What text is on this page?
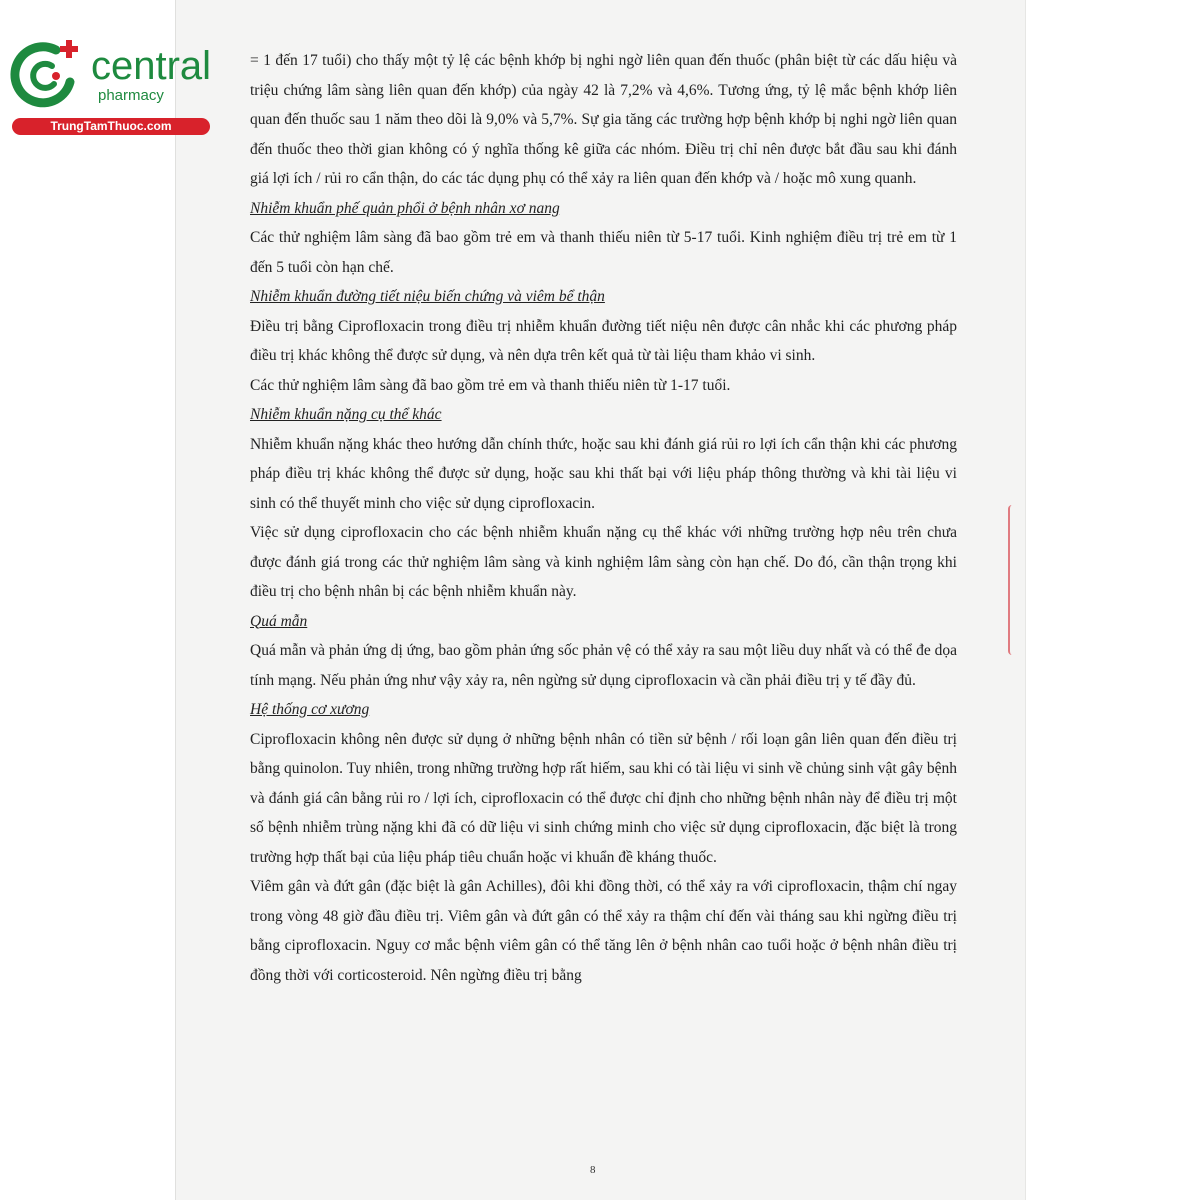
central
pharmacy
TrungTamThuoc.com

= 1 đến 17 tuổi) cho thấy một tỷ lệ các bệnh khớp bị nghi ngờ liên quan đến thuốc (phân biệt từ các dấu hiệu và triệu chứng lâm sàng liên quan đến khớp) của ngày 42 là 7,2% và 4,6%. Tương ứng, tỷ lệ mắc bệnh khớp liên quan đến thuốc sau 1 năm theo dõi là 9,0% và 5,7%. Sự gia tăng các trường hợp bệnh khớp bị nghi ngờ liên quan đến thuốc theo thời gian không có ý nghĩa thống kê giữa các nhóm. Điều trị chỉ nên được bắt đầu sau khi đánh giá lợi ích / rủi ro cẩn thận, do các tác dụng phụ có thể xảy ra liên quan đến khớp và / hoặc mô xung quanh.

Nhiễm khuẩn phế quản phổi ở bệnh nhân xơ nang

Các thử nghiệm lâm sàng đã bao gồm trẻ em và thanh thiếu niên từ 5-17 tuổi. Kinh nghiệm điều trị trẻ em từ 1 đến 5 tuổi còn hạn chế.

Nhiễm khuẩn đường tiết niệu biến chứng và viêm bể thận

Điều trị bằng Ciprofloxacin trong điều trị nhiễm khuẩn đường tiết niệu nên được cân nhắc khi các phương pháp điều trị khác không thể được sử dụng, và nên dựa trên kết quả từ tài liệu tham khảo vi sinh.

Các thử nghiệm lâm sàng đã bao gồm trẻ em và thanh thiếu niên từ 1-17 tuổi.

Nhiễm khuẩn nặng cụ thể khác

Nhiễm khuẩn nặng khác theo hướng dẫn chính thức, hoặc sau khi đánh giá rủi ro lợi ích cẩn thận khi các phương pháp điều trị khác không thể được sử dụng, hoặc sau khi thất bại với liệu pháp thông thường và khi tài liệu vi sinh có thể thuyết minh cho việc sử dụng ciprofloxacin.

Việc sử dụng ciprofloxacin cho các bệnh nhiễm khuẩn nặng cụ thể khác với những trường hợp nêu trên chưa được đánh giá trong các thử nghiệm lâm sàng và kinh nghiệm lâm sàng còn hạn chế. Do đó, cần thận trọng khi điều trị cho bệnh nhân bị các bệnh nhiễm khuẩn này.

Quá mẫn

Quá mẫn và phản ứng dị ứng, bao gồm phản ứng sốc phản vệ có thể xảy ra sau một liều duy nhất và có thể đe dọa tính mạng. Nếu phản ứng như vậy xảy ra, nên ngừng sử dụng ciprofloxacin và cần phải điều trị y tế đầy đủ.

Hệ thống cơ xương

Ciprofloxacin không nên được sử dụng ở những bệnh nhân có tiền sử bệnh / rối loạn gân liên quan đến điều trị bằng quinolon. Tuy nhiên, trong những trường hợp rất hiếm, sau khi có tài liệu vi sinh về chủng sinh vật gây bệnh và đánh giá cân bằng rủi ro / lợi ích, ciprofloxacin có thể được chỉ định cho những bệnh nhân này để điều trị một số bệnh nhiễm trùng nặng khi đã có dữ liệu vi sinh chứng minh cho việc sử dụng ciprofloxacin, đặc biệt là trong trường hợp thất bại của liệu pháp tiêu chuẩn hoặc vi khuẩn đề kháng thuốc.

Viêm gân và đứt gân (đặc biệt là gân Achilles), đôi khi đồng thời, có thể xảy ra với ciprofloxacin, thậm chí ngay trong vòng 48 giờ đầu điều trị. Viêm gân và đứt gân có thể xảy ra thậm chí đến vài tháng sau khi ngừng điều trị bằng ciprofloxacin. Nguy cơ mắc bệnh viêm gân có thể tăng lên ở bệnh nhân cao tuổi hoặc ở bệnh nhân điều trị đồng thời với corticosteroid. Nên ngừng điều trị bằng

8
